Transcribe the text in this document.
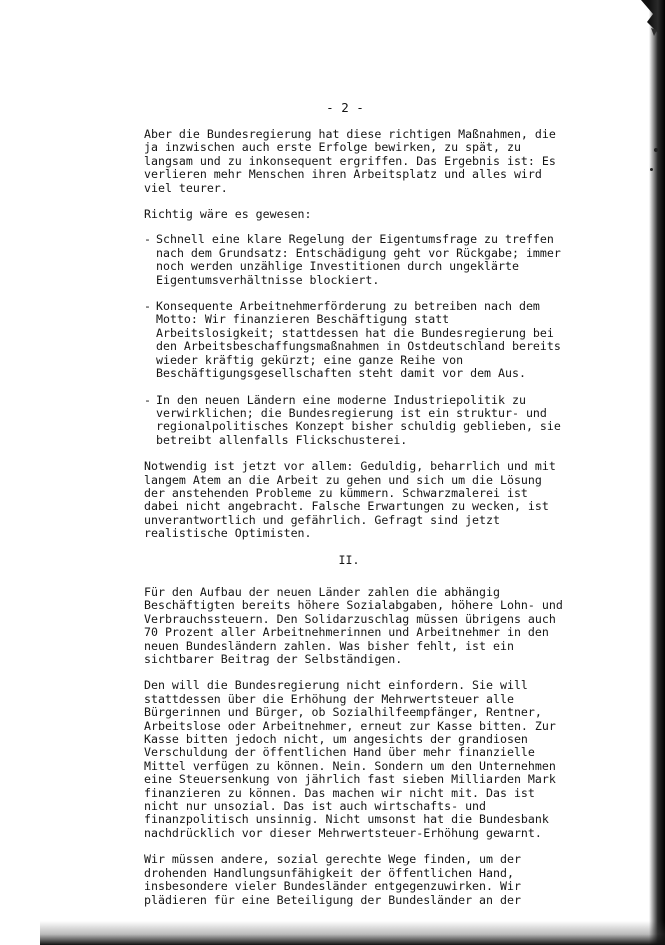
- 2 -

Aber die Bundesregierung hat diese richtigen Maßnahmen, die ja inzwischen auch erste Erfolge bewirken, zu spät, zu langsam und zu inkonsequent ergriffen. Das Ergebnis ist: Es verlieren mehr Menschen ihren Arbeitsplatz und alles wird viel teurer.

Richtig wäre es gewesen:

- Schnell eine klare Regelung der Eigentumsfrage zu treffen nach dem Grundsatz: Entschädigung geht vor Rückgabe; immer noch werden unzählige Investitionen durch ungeklärte Eigentumsverhältnisse blockiert.
- Konsequente Arbeitnehmerförderung zu betreiben nach dem Motto: Wir finanzieren Beschäftigung statt Arbeitslosigkeit; stattdessen hat die Bundesregierung bei den Arbeitsbeschaffungsmaßnahmen in Ostdeutschland bereits wieder kräftig gekürzt; eine ganze Reihe von Beschäftigungsgesellschaften steht damit vor dem Aus.
- In den neuen Ländern eine moderne Industriepolitik zu verwirklichen; die Bundesregierung ist ein struktur- und regionalpolitisches Konzept bisher schuldig geblieben, sie betreibt allenfalls Flickschusterei.

Notwendig ist jetzt vor allem: Geduldig, beharrlich und mit langem Atem an die Arbeit zu gehen und sich um die Lösung der anstehenden Probleme zu kümmern. Schwarzmalerei ist dabei nicht angebracht. Falsche Erwartungen zu wecken, ist unverantwortlich und gefährlich. Gefragt sind jetzt realistische Optimisten.

II.

Für den Aufbau der neuen Länder zahlen die abhängig Beschäftigten bereits höhere Sozialabgaben, höhere Lohn- und Verbrauchssteuern. Den Solidarzuschlag müssen übrigens auch 70 Prozent aller Arbeitnehmerinnen und Arbeitnehmer in den neuen Bundesländern zahlen. Was bisher fehlt, ist ein sichtbarer Beitrag der Selbständigen.

Den will die Bundesregierung nicht einfordern. Sie will stattdessen über die Erhöhung der Mehrwertsteuer alle Bürgerinnen und Bürger, ob Sozialhilfeempfänger, Rentner, Arbeitslose oder Arbeitnehmer, erneut zur Kasse bitten. Zur Kasse bitten jedoch nicht, um angesichts der grandiosen Verschuldung der öffentlichen Hand über mehr finanzielle Mittel verfügen zu können. Nein. Sondern um den Unternehmen eine Steuersenkung von jährlich fast sieben Milliarden Mark finanzieren zu können. Das machen wir nicht mit. Das ist nicht nur unsozial. Das ist auch wirtschafts- und finanzpolitisch unsinnig. Nicht umsonst hat die Bundesbank nachdrücklich vor dieser Mehrwertsteuer-Erhöhung gewarnt.

Wir müssen andere, sozial gerechte Wege finden, um der drohenden Handlungsunfähigkeit der öffentlichen Hand, insbesondere vieler Bundesländer entgegenzuwirken. Wir plädieren für eine Beteiligung der Bundesländer an der
